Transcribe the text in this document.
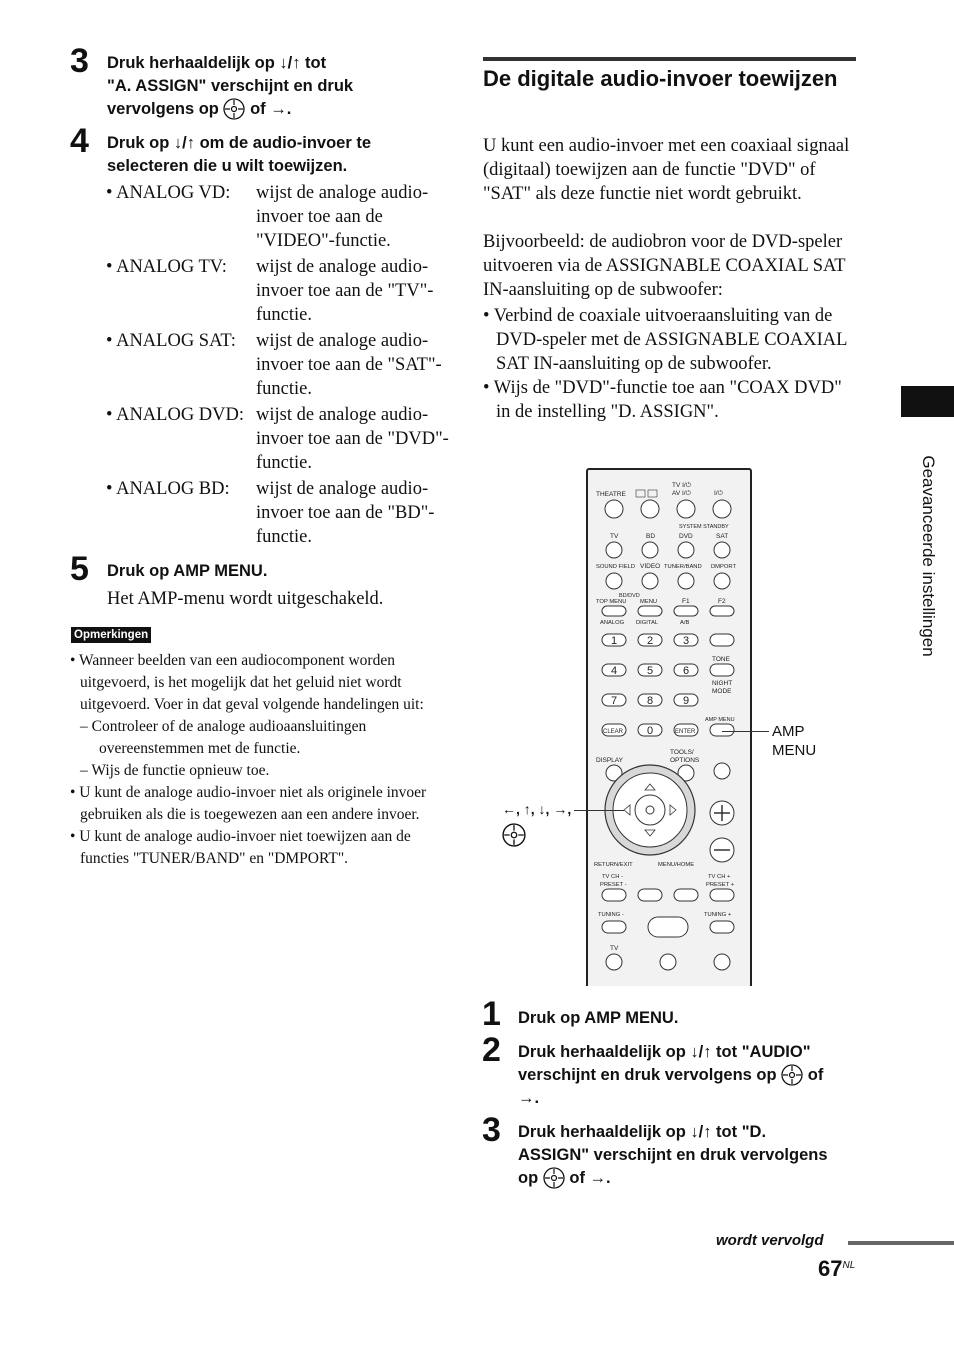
3 Druk herhaaldelijk op ↓/↑ tot
"A. ASSIGN" verschijnt en druk
vervolgens op of →.
4 Druk op ↓/↑ om de audio-invoer te
selecteren die u wilt toewijzen.
• ANALOG VD: wijst de analoge audio-invoer toe aan de "VIDEO"-functie.
• ANALOG TV: wijst de analoge audio-invoer toe aan de "TV"-functie.
• ANALOG SAT: wijst de analoge audio-invoer toe aan de "SAT"-functie.
• ANALOG DVD: wijst de analoge audio-invoer toe aan de "DVD"-functie.
• ANALOG BD: wijst de analoge audio-invoer toe aan de "BD"-functie.
5 Druk op AMP MENU.
Het AMP-menu wordt uitgeschakeld.
Opmerkingen
• Wanneer beelden van een audiocomponent worden uitgevoerd, is het mogelijk dat het geluid niet wordt uitgevoerd. Voer in dat geval volgende handelingen uit:
– Controleer of de analoge audioaansluitingen overeenstemmen met de functie.
– Wijs de functie opnieuw toe.
• U kunt de analoge audio-invoer niet als originele invoer gebruiken als die is toegewezen aan een andere invoer.
• U kunt de analoge audio-invoer niet toewijzen aan de functies "TUNER/BAND" en "DMPORT".
De digitale audio-invoer toewijzen
U kunt een audio-invoer met een coaxiaal signaal (digitaal) toewijzen aan de functie "DVD" of "SAT" als deze functie niet wordt gebruikt.
Bijvoorbeeld: de audiobron voor de DVD-speler uitvoeren via de ASSIGNABLE COAXIAL SAT IN-aansluiting op de subwoofer:
• Verbind de coaxiale uitvoeraansluiting van de DVD-speler met de ASSIGNABLE COAXIAL SAT IN-aansluiting op de subwoofer.
• Wijs de "DVD"-functie toe aan "COAX DVD" in de instelling "D. ASSIGN".
THEATRE
TV I/⏻
AV I/⏻	I/⏻
SYSTEM STANDBY
TV	BD	DVD	SAT
SOUND FIELD VIDEO TUNER/BAND DMPORT
BD/DVD
TOP MENU MENU	F1	F2
ANALOG DIGITAL	A/B
1	2	3
4	5	6
TONE
7	8	9
NIGHT
MODE
CLEAR 0	ENTER
AMP MENU
DISPLAY
TOOLS/
OPTIONS
RETURN/EXIT	MENU/HOME
TV CH -
PRESET -
TV CH +
PRESET +
TUNING -	TUNING +
TV
AMP
MENU
←, ↑, ↓, →,
1 Druk op AMP MENU.
2 Druk herhaaldelijk op ↓/↑ tot "AUDIO"
verschijnt en druk vervolgens op of
→.
3 Druk herhaaldelijk op ↓/↑ tot "D.
ASSIGN" verschijnt en druk vervolgens
op of →.
Geavanceerde instellingen
wordt vervolgd
$67^{NL}$
